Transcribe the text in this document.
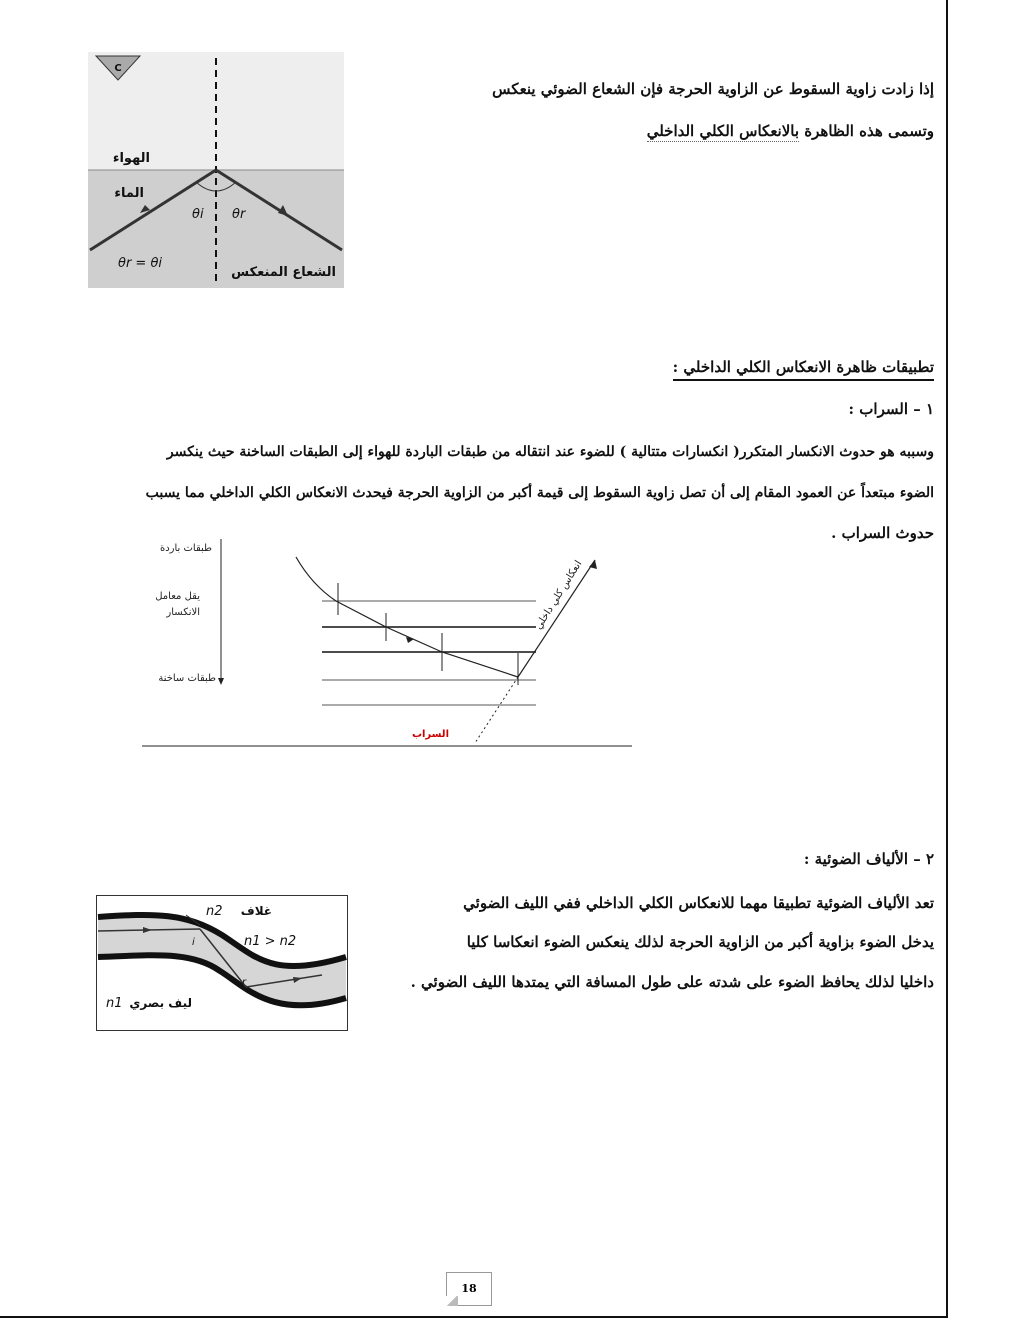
إذا زادت زاوية السقوط عن الزاوية الحرجة فإن الشعاع الضوئي ينعكس
وتسمى هذه الظاهرة بالانعكاس الكلي الداخلي
C
الهواء
الماء
θi θr
θr = θi
الشعاع المنعكس
تطبيقات ظاهرة الانعكاس الكلي الداخلي :
١ – السراب :
وسببه هو حدوث الانكسار المتكرر( انكسارات متتالية ) للضوء عند انتقاله من طبقات الباردة للهواء إلى الطبقات الساخنة حيث ينكسر
الضوء مبتعداً عن العمود المقام إلى أن تصل زاوية السقوط إلى قيمة أكبر من الزاوية الحرجة فيحدث الانعكاس الكلي الداخلي مما يسبب
حدوث السراب .
طبقات باردة
يقل معامل
الانكسار
طبقات ساخنة
انعكاس كلي داخلي
السراب
٢ – الألياف الضوئية :
تعد الألياف الضوئية تطبيقا مهما للانعكاس الكلي الداخلي ففي الليف الضوئي
يدخل الضوء بزاوية أكبر من الزاوية الحرجة لذلك ينعكس الضوء انعكاسا كليا
داخليا لذلك يحافظ الضوء على شدته على طول المسافة التي يمتدها الليف الضوئي .
i
r
n2 غلاف
n1 > n2
n1 ليف بصري
18
